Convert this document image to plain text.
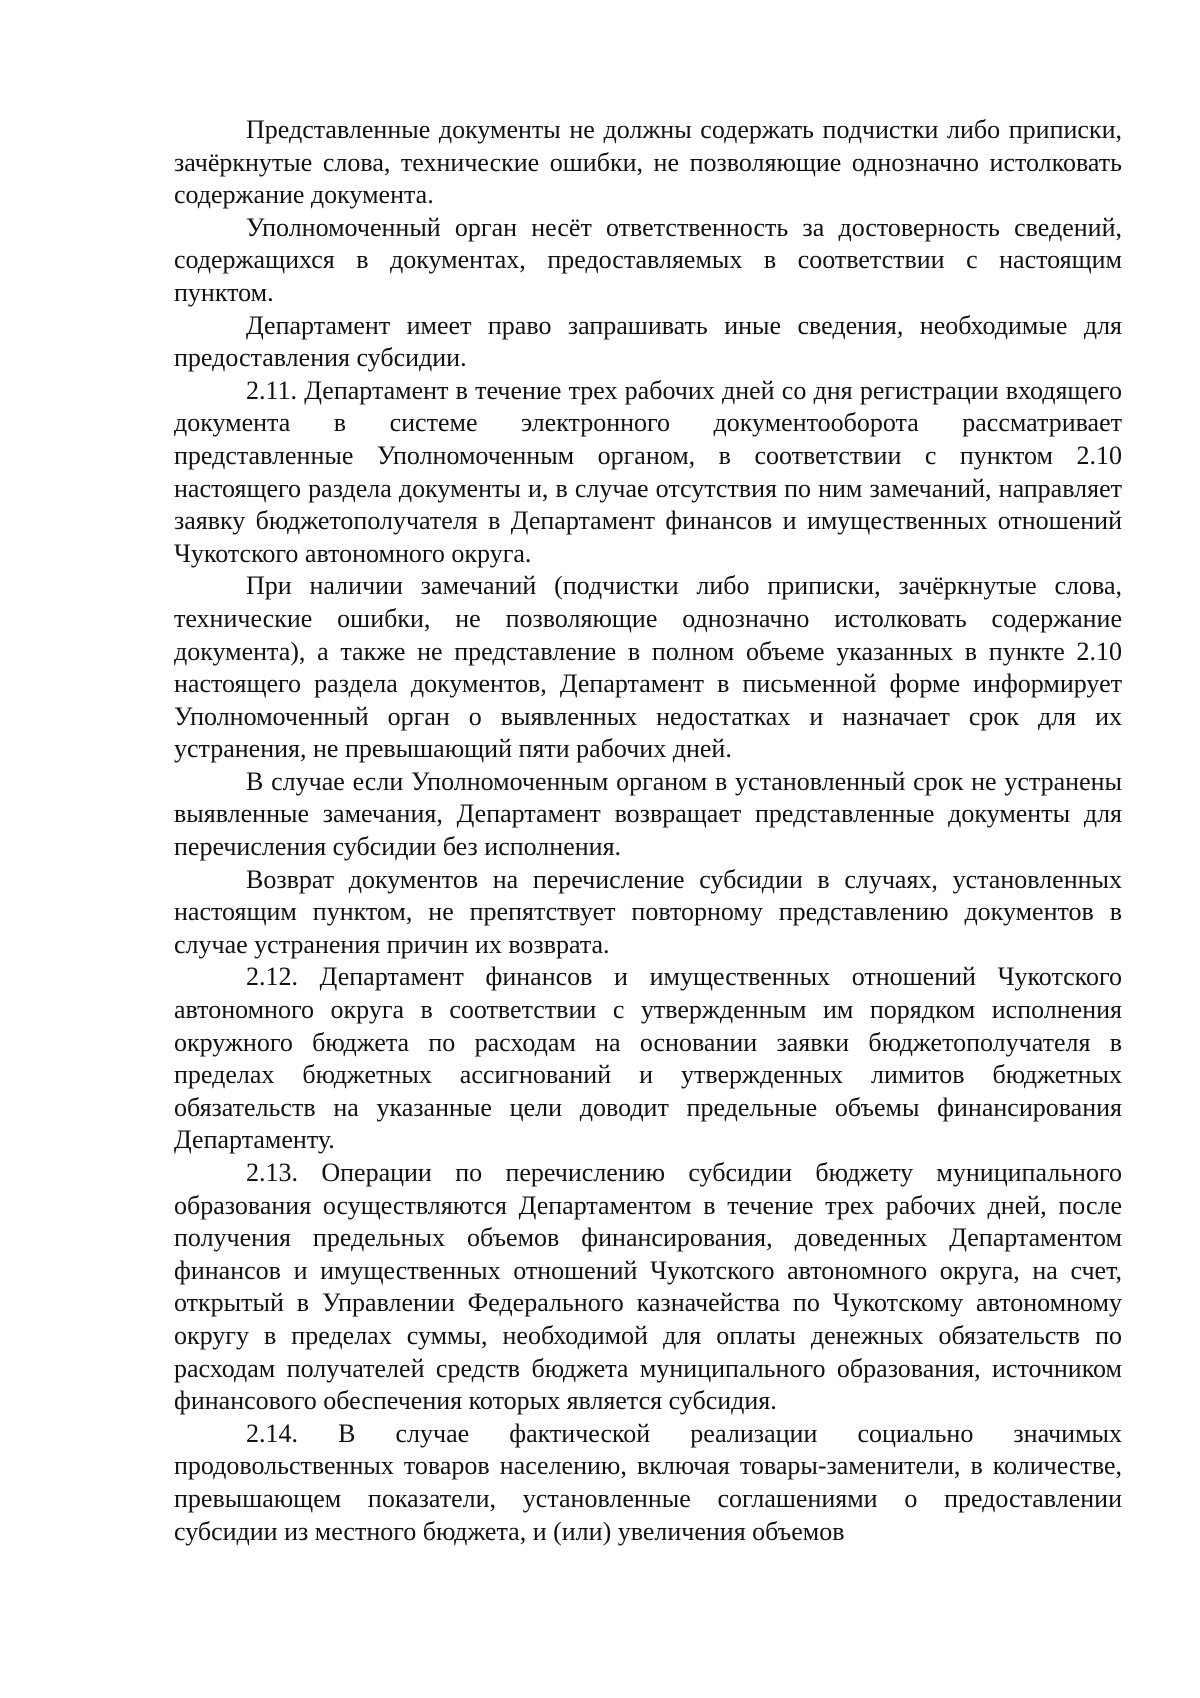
Представленные документы не должны содержать подчистки либо приписки, зачёркнутые слова, технические ошибки, не позволяющие однозначно истолковать содержание документа.

Уполномоченный орган несёт ответственность за достоверность сведений, содержащихся в документах, предоставляемых в соответствии с настоящим пунктом.

Департамент имеет право запрашивать иные сведения, необходимые для предоставления субсидии.

2.11. Департамент в течение трех рабочих дней со дня регистрации входящего документа в системе электронного документооборота рассматривает представленные Уполномоченным органом, в соответствии с пунктом 2.10 настоящего раздела документы и, в случае отсутствия по ним замечаний, направляет заявку бюджетополучателя в Департамент финансов и имущественных отношений Чукотского автономного округа.

При наличии замечаний (подчистки либо приписки, зачёркнутые слова, технические ошибки, не позволяющие однозначно истолковать содержание документа), а также не представление в полном объеме указанных в пункте 2.10 настоящего раздела документов, Департамент в письменной форме информирует Уполномоченный орган о выявленных недостатках и назначает срок для их устранения, не превышающий пяти рабочих дней.

В случае если Уполномоченным органом в установленный срок не устранены выявленные замечания, Департамент возвращает представленные документы для перечисления субсидии без исполнения.

Возврат документов на перечисление субсидии в случаях, установленных настоящим пунктом, не препятствует повторному представлению документов в случае устранения причин их возврата.

2.12. Департамент финансов и имущественных отношений Чукотского автономного округа в соответствии с утвержденным им порядком исполнения окружного бюджета по расходам на основании заявки бюджетополучателя в пределах бюджетных ассигнований и утвержденных лимитов бюджетных обязательств на указанные цели доводит предельные объемы финансирования Департаменту.

2.13. Операции по перечислению субсидии бюджету муниципального образования осуществляются Департаментом в течение трех рабочих дней, после получения предельных объемов финансирования, доведенных Департаментом финансов и имущественных отношений Чукотского автономного округа, на счет, открытый в Управлении Федерального казначейства по Чукотскому автономному округу в пределах суммы, необходимой для оплаты денежных обязательств по расходам получателей средств бюджета муниципального образования, источником финансового обеспечения которых является субсидия.

2.14. В случае фактической реализации социально значимых продовольственных товаров населению, включая товары-заменители, в количестве, превышающем показатели, установленные соглашениями о предоставлении субсидии из местного бюджета, и (или) увеличения объемов
